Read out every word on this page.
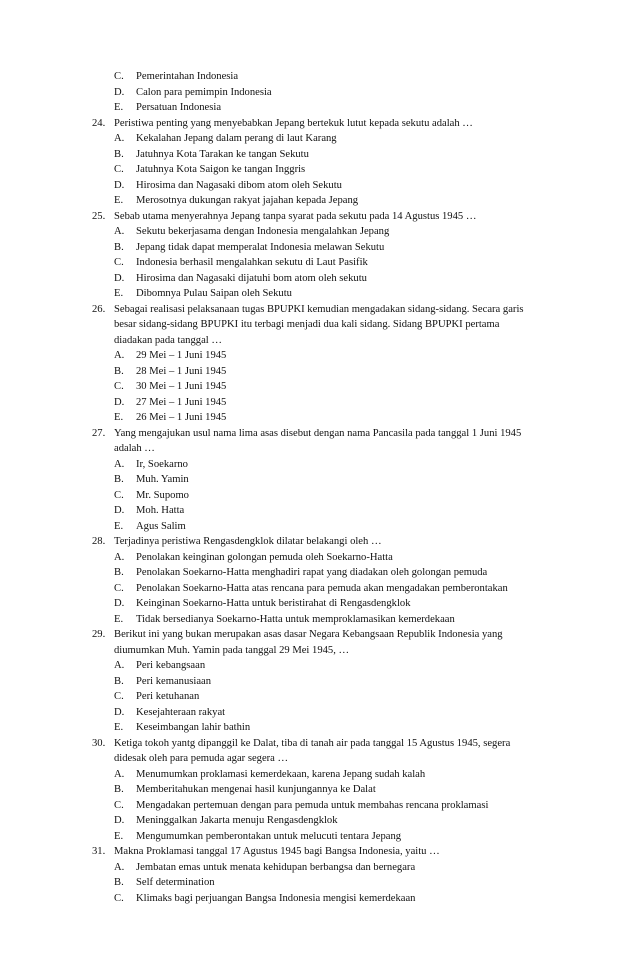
C. Pemerintahan Indonesia
D. Calon para pemimpin Indonesia
E. Persatuan Indonesia
24. Peristiwa penting yang menyebabkan Jepang bertekuk lutut kepada sekutu adalah …
A. Kekalahan Jepang dalam perang di laut Karang
B. Jatuhnya Kota Tarakan ke tangan Sekutu
C. Jatuhnya Kota Saigon ke tangan Inggris
D. Hirosima dan Nagasaki dibom atom oleh Sekutu
E. Merosotnya dukungan rakyat jajahan kepada Jepang
25. Sebab utama menyerahnya Jepang tanpa syarat pada sekutu pada 14 Agustus 1945 …
A. Sekutu bekerjasama dengan Indonesia mengalahkan Jepang
B. Jepang tidak dapat memperalat Indonesia melawan Sekutu
C. Indonesia berhasil mengalahkan sekutu di Laut Pasifik
D. Hirosima dan Nagasaki dijatuhi bom atom oleh sekutu
E. Dibomnya Pulau Saipan oleh Sekutu
26. Sebagai realisasi pelaksanaan tugas BPUPKI kemudian mengadakan sidang-sidang. Secara garis
besar sidang-sidang BPUPKI itu terbagi menjadi dua kali sidang. Sidang BPUPKI pertama
diadakan pada tanggal …
A. 29 Mei – 1 Juni 1945
B. 28 Mei – 1 Juni 1945
C. 30 Mei – 1 Juni 1945
D. 27 Mei – 1 Juni 1945
E. 26 Mei – 1 Juni 1945
27. Yang mengajukan usul nama lima asas disebut dengan nama Pancasila pada tanggal 1 Juni 1945
adalah …
A. Ir, Soekarno
B. Muh. Yamin
C. Mr. Supomo
D. Moh. Hatta
E. Agus Salim
28. Terjadinya peristiwa Rengasdengklok dilatar belakangi oleh …
A. Penolakan keinginan golongan pemuda oleh Soekarno-Hatta
B. Penolakan Soekarno-Hatta menghadiri rapat yang diadakan oleh golongan pemuda
C. Penolakan Soekarno-Hatta atas rencana para pemuda akan mengadakan pemberontakan
D. Keinginan Soekarno-Hatta untuk beristirahat di Rengasdengklok
E. Tidak bersedianya Soekarno-Hatta untuk memproklamasikan kemerdekaan
29. Berikut ini yang bukan merupakan asas dasar Negara Kebangsaan Republik Indonesia yang
diumumkan Muh. Yamin pada tanggal 29 Mei 1945, …
A. Peri kebangsaan
B. Peri kemanusiaan
C. Peri ketuhanan
D. Kesejahteraan rakyat
E. Keseimbangan lahir bathin
30. Ketiga tokoh yantg dipanggil ke Dalat, tiba di tanah air pada tanggal 15 Agustus 1945, segera
didesak oleh para pemuda agar segera …
A. Menumumkan proklamasi kemerdekaan, karena Jepang sudah kalah
B. Memberitahukan mengenai hasil kunjungannya ke Dalat
C. Mengadakan pertemuan dengan para pemuda untuk membahas rencana proklamasi
D. Meninggalkan Jakarta menuju Rengasdengklok
E. Mengumumkan pemberontakan untuk melucuti tentara Jepang
31. Makna Proklamasi tanggal 17 Agustus 1945 bagi Bangsa Indonesia, yaitu …
A. Jembatan emas untuk menata kehidupan berbangsa dan bernegara
B. Self determination
C. Klimaks bagi perjuangan Bangsa Indonesia mengisi kemerdekaan
